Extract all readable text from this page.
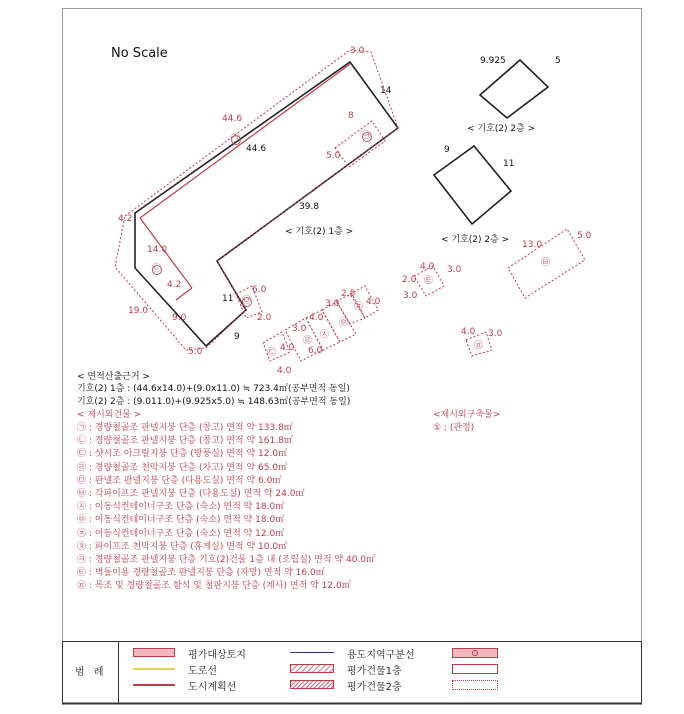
No Scale	3.0
14
44.6
44.6
㉠
8
㉪
5.0
39.8
< 기호(2) 1층 >
4.2
14.0
㉡
4.2
19.0
9.0
5.0
11
6.0
㉤
2.0
9
9.925	5
< 기호(2) 2층 >
9
11
< 기호(2) 2층 > 13.0
5.0
㉥
4.0 3.0
2.0
3.0
㉫
2.5
4.0
㉨
㉧
4.0
3.0
㉦
3.0
㉣
4.0 6.0
㉢
4.0
4.0 3.0
㉬
< 면적산출근거 >
기호(2) 1층 : (44.6x14.0)+(9.0x11.0) ≒ 723.4㎡(공부면적 동일)
기호(2) 2층 : (9.011.0)+(9.925x5.0) ≒ 148.63㎡(공부면적 동일)
< 제시외건물 >
㉠ : 경량철골조 판넬지붕 단층 (창고) 면적 약 133.8㎡
㉡ : 경량철골조 판넬지붕 단층 (창고) 면적 약 161.8㎡
㉢ : 샷시조 아크릴지붕 단층 (방풍실) 면적 약 12.0㎡
㉣ : 경량철골조 천막지붕 단층 (차고) 면적 약 65.0㎡
㉤ : 판넬조 판넬지붕 단층 (다용도실) 면적 약 6.0㎡
㉥ : 각파이프조 판넬지붕 단층 (다용도실) 면적 약 24.0㎡
㉦ : 이동식컨테이너구조 단층 (숙소) 면적 약 18.0㎡
㉧ : 이동식컨테이너구조 단층 (숙소) 면적 약 18.0㎡
㉨ : 이동식컨테이너구조 단층 (숙소) 면적 약 12.0㎡
㉩ : 파이프조 천막지붕 단층 (휴게실) 면적 약 10.0㎡
㉪ : 경량철골조 판넬지붕 단층 기호(2)건물 1층 내 (조립실) 면적 약 40.0㎡
㉫ : 벽돌이용 경량철골조 판넬지붕 단층 (자망) 면적 약 16.0㎡
㉬ : 목조 및 경량철골조 함석 및 철판지붕 단층 (계사) 면적 약 12.0㎡
<제시외구축물>
① : (관정)
범 례
평가대상토지
도로선
도시계획선
용도지역구분선
평가건물1층
평가건물2층
